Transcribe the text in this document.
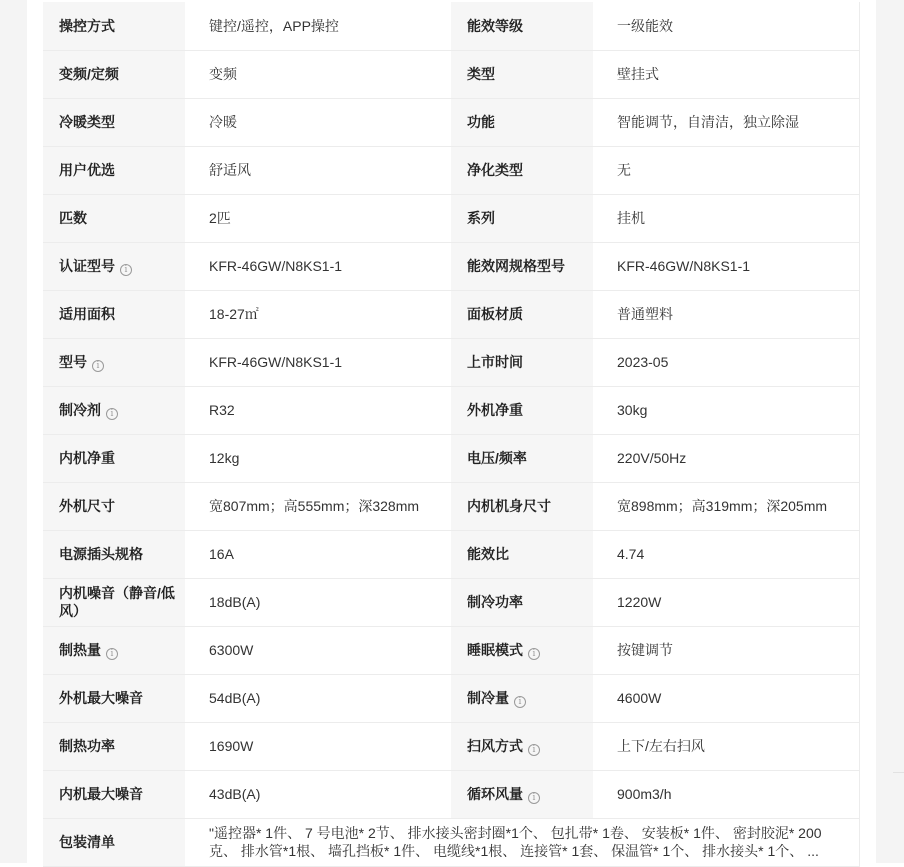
操控方式	键控/遥控，APP操控	能效等级	一级能效
变频/定频	变频	类型	壁挂式
冷暖类型	冷暖	功能	智能调节，自清洁，独立除湿
用户优选	舒适风	净化类型	无
匹数	2匹	系列	挂机
认证型号 i	KFR-46GW/N8KS1-1	能效网规格型号	KFR-46GW/N8KS1-1
适用面积	18-27㎡	面板材质	普通塑料
型号 i	KFR-46GW/N8KS1-1	上市时间	2023-05
制冷剂 i	R32	外机净重	30kg
内机净重	12kg	电压/频率	220V/50Hz
外机尺寸	宽807mm；高555mm；深328mm	内机机身尺寸	宽898mm；高319mm；深205mm
电源插头规格	16A	能效比	4.74
内机噪音（静音/低风）	18dB(A)	制冷功率	1220W
制热量 i	6300W	睡眠模式 i	按键调节
外机最大噪音	54dB(A)	制冷量 i	4600W
制热功率	1690W	扫风方式 i	上下/左右扫风
内机最大噪音	43dB(A)	循环风量 i	900m3/h
包装清单	"遥控器* 1件、 7 号电池* 2节、 排水接头密封圈*1个、 包扎带* 1卷、 安装板* 1件、 密封胶泥* 200克、 排水管*1根、 墙孔挡板* 1件、 电缆线*1根、 连接管* 1套、 保温管* 1个、 排水接头* 1个、 ...		
